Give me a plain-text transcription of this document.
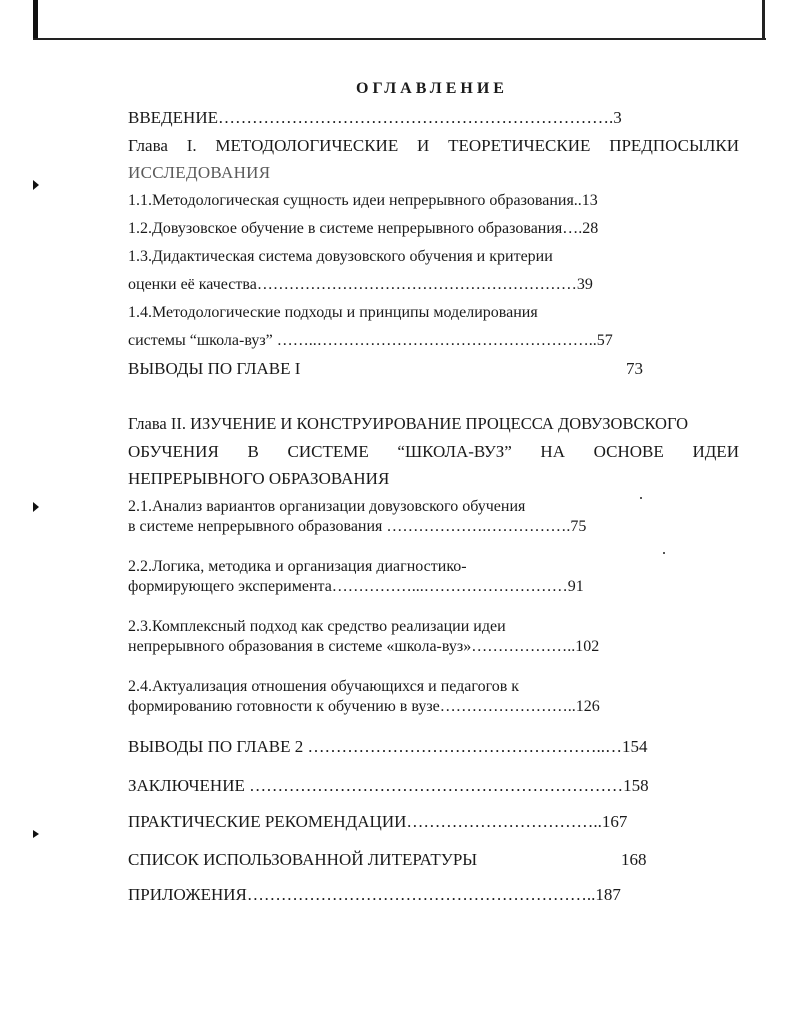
ОГЛАВЛЕНИЕ
ВВЕДЕНИЕ…………………………………………………………….3
Глава I. МЕТОДОЛОГИЧЕСКИЕ И ТЕОРЕТИЧЕСКИЕ ПРЕДПОСЫЛКИ
ИССЛЕДОВАНИЯ
1.1.Методологическая сущность идеи непрерывного образования..13
1.2.Довузовское обучение в системе непрерывного образования….28
1.3.Дидактическая система довузовского обучения и критерии
оценки её качества……………………………………………………39
1.4.Методологические подходы и принципы моделирования
системы “школа-вуз” ……..……………………………………………..57
ВЫВОДЫ ПО ГЛАВЕ I	73
Глава II. ИЗУЧЕНИЕ И КОНСТРУИРОВАНИЕ ПРОЦЕССА ДОВУЗОВСКОГО
ОБУЧЕНИЯ В СИСТЕМЕ “ШКОЛА-ВУЗ” НА ОСНОВЕ ИДЕИ
НЕПРЕРЫВНОГО ОБРАЗОВАНИЯ
2.1.Анализ вариантов организации довузовского обучения
в системе непрерывного образования ……………….…………….75
2.2.Логика, методика и организация диагностико-
формирующего эксперимента……………...………………………91
2.3.Комплексный подход как средство реализации идеи
непрерывного образования в системе «школа-вуз»………………..102
2.4.Актуализация отношения обучающихся и педагогов к
формированию готовности к обучению в вузе……………………..126
ВЫВОДЫ ПО ГЛАВЕ 2 ……………………………………………..…154
ЗАКЛЮЧЕНИЕ …………………………………………………………158
ПРАКТИЧЕСКИЕ РЕКОМЕНДАЦИИ……………………………..167
СПИСОК ИСПОЛЬЗОВАННОЙ ЛИТЕРАТУРЫ	168
ПРИЛОЖЕНИЯ……………………………………………………..187
